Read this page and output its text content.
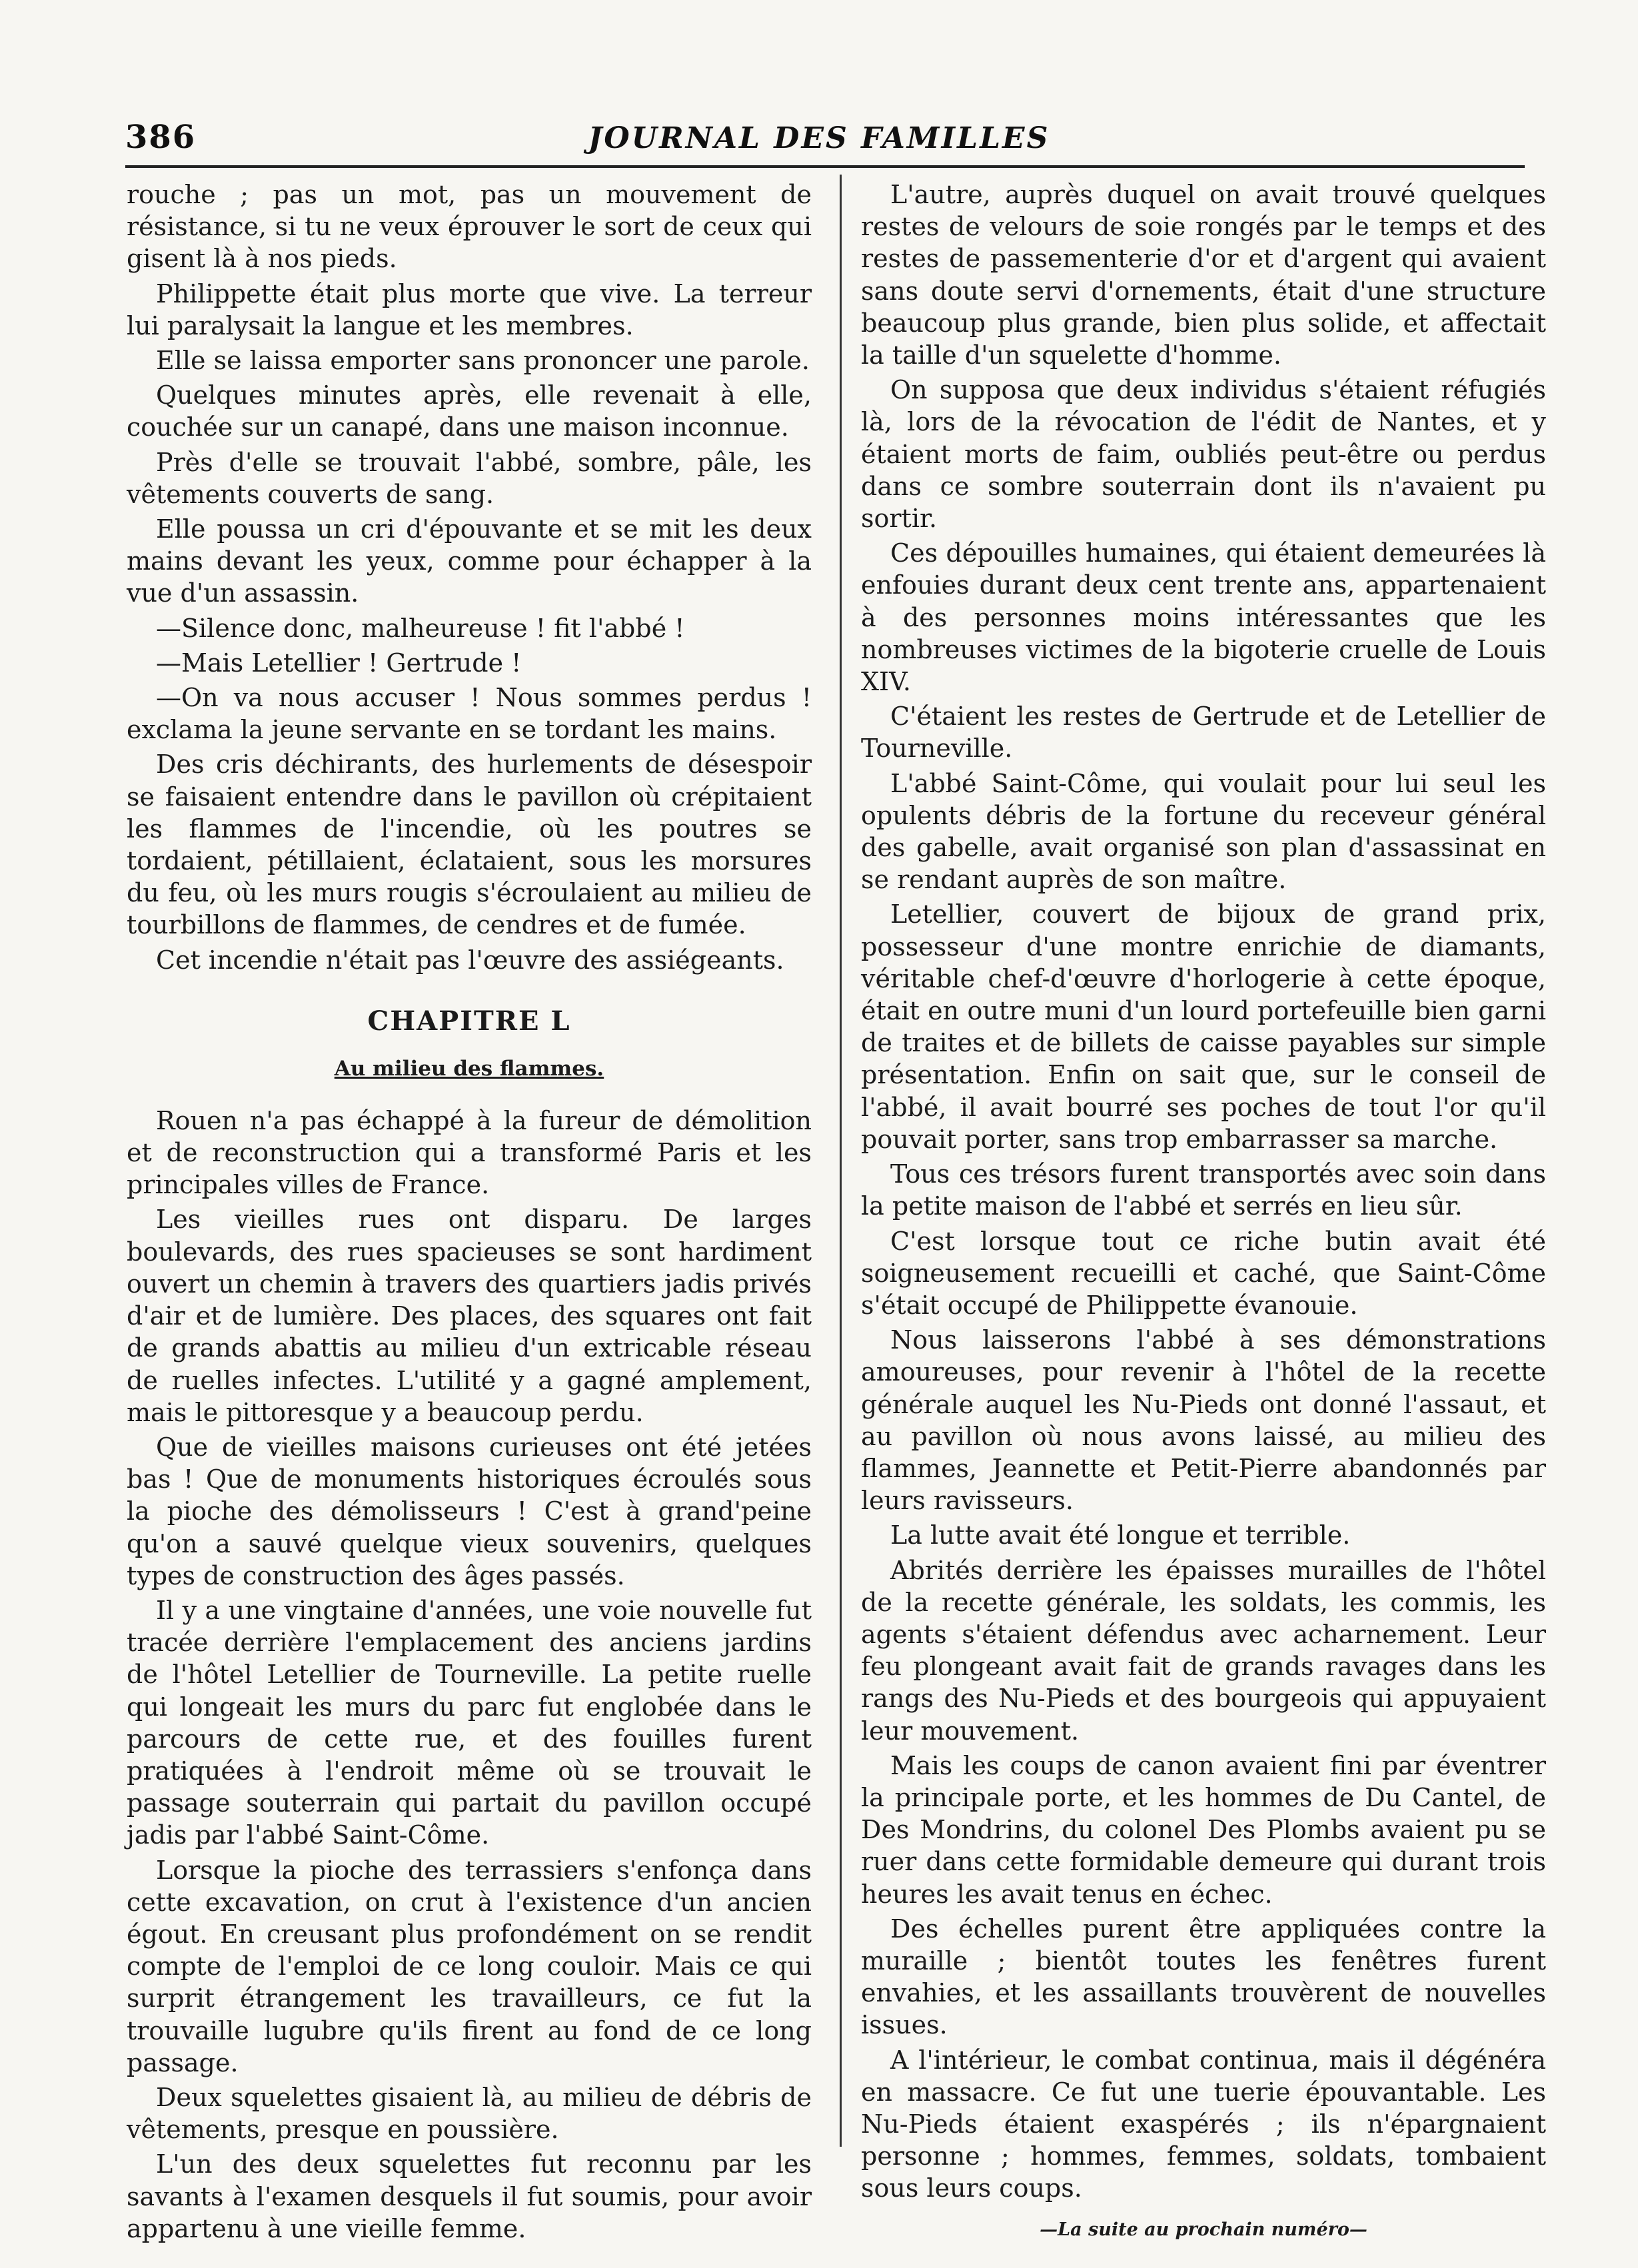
386	JOURNAL DES FAMILLES

rouche ; pas un mot, pas un mouvement de résistance, si tu ne veux éprouver le sort de ceux qui gisent là à nos pieds.

Philippette était plus morte que vive. La terreur lui paralysait la langue et les membres.

Elle se laissa emporter sans prononcer une parole.

Quelques minutes après, elle revenait à elle, couchée sur un canapé, dans une maison inconnue.

Près d'elle se trouvait l'abbé, sombre, pâle, les vêtements couverts de sang.

Elle poussa un cri d'épouvante et se mit les deux mains devant les yeux, comme pour échapper à la vue d'un assassin.

—Silence donc, malheureuse ! fit l'abbé !

—Mais Letellier ! Gertrude !

—On va nous accuser ! Nous sommes perdus ! exclama la jeune servante en se tordant les mains.

Des cris déchirants, des hurlements de désespoir se faisaient entendre dans le pavillon où crépitaient les flammes de l'incendie, où les poutres se tordaient, pétillaient, éclataient, sous les morsures du feu, où les murs rougis s'écroulaient au milieu de tourbillons de flammes, de cendres et de fumée.

Cet incendie n'était pas l'œuvre des assiégeants.

CHAPITRE L
Au milieu des flammes.

Rouen n'a pas échappé à la fureur de démolition et de reconstruction qui a transformé Paris et les principales villes de France.

Les vieilles rues ont disparu. De larges boulevards, des rues spacieuses se sont hardiment ouvert un chemin à travers des quartiers jadis privés d'air et de lumière. Des places, des squares ont fait de grands abattis au milieu d'un extricable réseau de ruelles infectes. L'utilité y a gagné amplement, mais le pittoresque y a beaucoup perdu.

Que de vieilles maisons curieuses ont été jetées bas ! Que de monuments historiques écroulés sous la pioche des démolisseurs ! C'est à grand'peine qu'on a sauvé quelque vieux souvenirs, quelques types de construction des âges passés.

Il y a une vingtaine d'années, une voie nouvelle fut tracée derrière l'emplacement des anciens jardins de l'hôtel Letellier de Tourneville. La petite ruelle qui longeait les murs du parc fut englobée dans le parcours de cette rue, et des fouilles furent pratiquées à l'endroit même où se trouvait le passage souterrain qui partait du pavillon occupé jadis par l'abbé Saint-Côme.

Lorsque la pioche des terrassiers s'enfonça dans cette excavation, on crut à l'existence d'un ancien égout. En creusant plus profondément on se rendit compte de l'emploi de ce long couloir. Mais ce qui surprit étrangement les travailleurs, ce fut la trouvaille lugubre qu'ils firent au fond de ce long passage.

Deux squelettes gisaient là, au milieu de débris de vêtements, presque en poussière.

L'un des deux squelettes fut reconnu par les savants à l'examen desquels il fut soumis, pour avoir appartenu à une vieille femme.

L'autre, auprès duquel on avait trouvé quelques restes de velours de soie rongés par le temps et des restes de passementerie d'or et d'argent qui avaient sans doute servi d'ornements, était d'une structure beaucoup plus grande, bien plus solide, et affectait la taille d'un squelette d'homme.

On supposa que deux individus s'étaient réfugiés là, lors de la révocation de l'édit de Nantes, et y étaient morts de faim, oubliés peut-être ou perdus dans ce sombre souterrain dont ils n'avaient pu sortir.

Ces dépouilles humaines, qui étaient demeurées là enfouies durant deux cent trente ans, appartenaient à des personnes moins intéressantes que les nombreuses victimes de la bigoterie cruelle de Louis XIV.

C'étaient les restes de Gertrude et de Letellier de Tourneville.

L'abbé Saint-Côme, qui voulait pour lui seul les opulents débris de la fortune du receveur général des gabelle, avait organisé son plan d'assassinat en se rendant auprès de son maître.

Letellier, couvert de bijoux de grand prix, possesseur d'une montre enrichie de diamants, véritable chef-d'œuvre d'horlogerie à cette époque, était en outre muni d'un lourd portefeuille bien garni de traites et de billets de caisse payables sur simple présentation. Enfin on sait que, sur le conseil de l'abbé, il avait bourré ses poches de tout l'or qu'il pouvait porter, sans trop embarrasser sa marche.

Tous ces trésors furent transportés avec soin dans la petite maison de l'abbé et serrés en lieu sûr.

C'est lorsque tout ce riche butin avait été soigneusement recueilli et caché, que Saint-Côme s'était occupé de Philippette évanouie.

Nous laisserons l'abbé à ses démonstrations amoureuses, pour revenir à l'hôtel de la recette générale auquel les Nu-Pieds ont donné l'assaut, et au pavillon où nous avons laissé, au milieu des flammes, Jeannette et Petit-Pierre abandonnés par leurs ravisseurs.

La lutte avait été longue et terrible.

Abrités derrière les épaisses murailles de l'hôtel de la recette générale, les soldats, les commis, les agents s'étaient défendus avec acharnement. Leur feu plongeant avait fait de grands ravages dans les rangs des Nu-Pieds et des bourgeois qui appuyaient leur mouvement.

Mais les coups de canon avaient fini par éventrer la principale porte, et les hommes de Du Cantel, de Des Mondrins, du colonel Des Plombs avaient pu se ruer dans cette formidable demeure qui durant trois heures les avait tenus en échec.

Des échelles purent être appliquées contre la muraille ; bientôt toutes les fenêtres furent envahies, et les assaillants trouvèrent de nouvelles issues.

A l'intérieur, le combat continua, mais il dégénéra en massacre. Ce fut une tuerie épouvantable. Les Nu-Pieds étaient exaspérés ; ils n'épargnaient personne ; hommes, femmes, soldats, tombaient sous leurs coups.

—La suite au prochain numéro—
